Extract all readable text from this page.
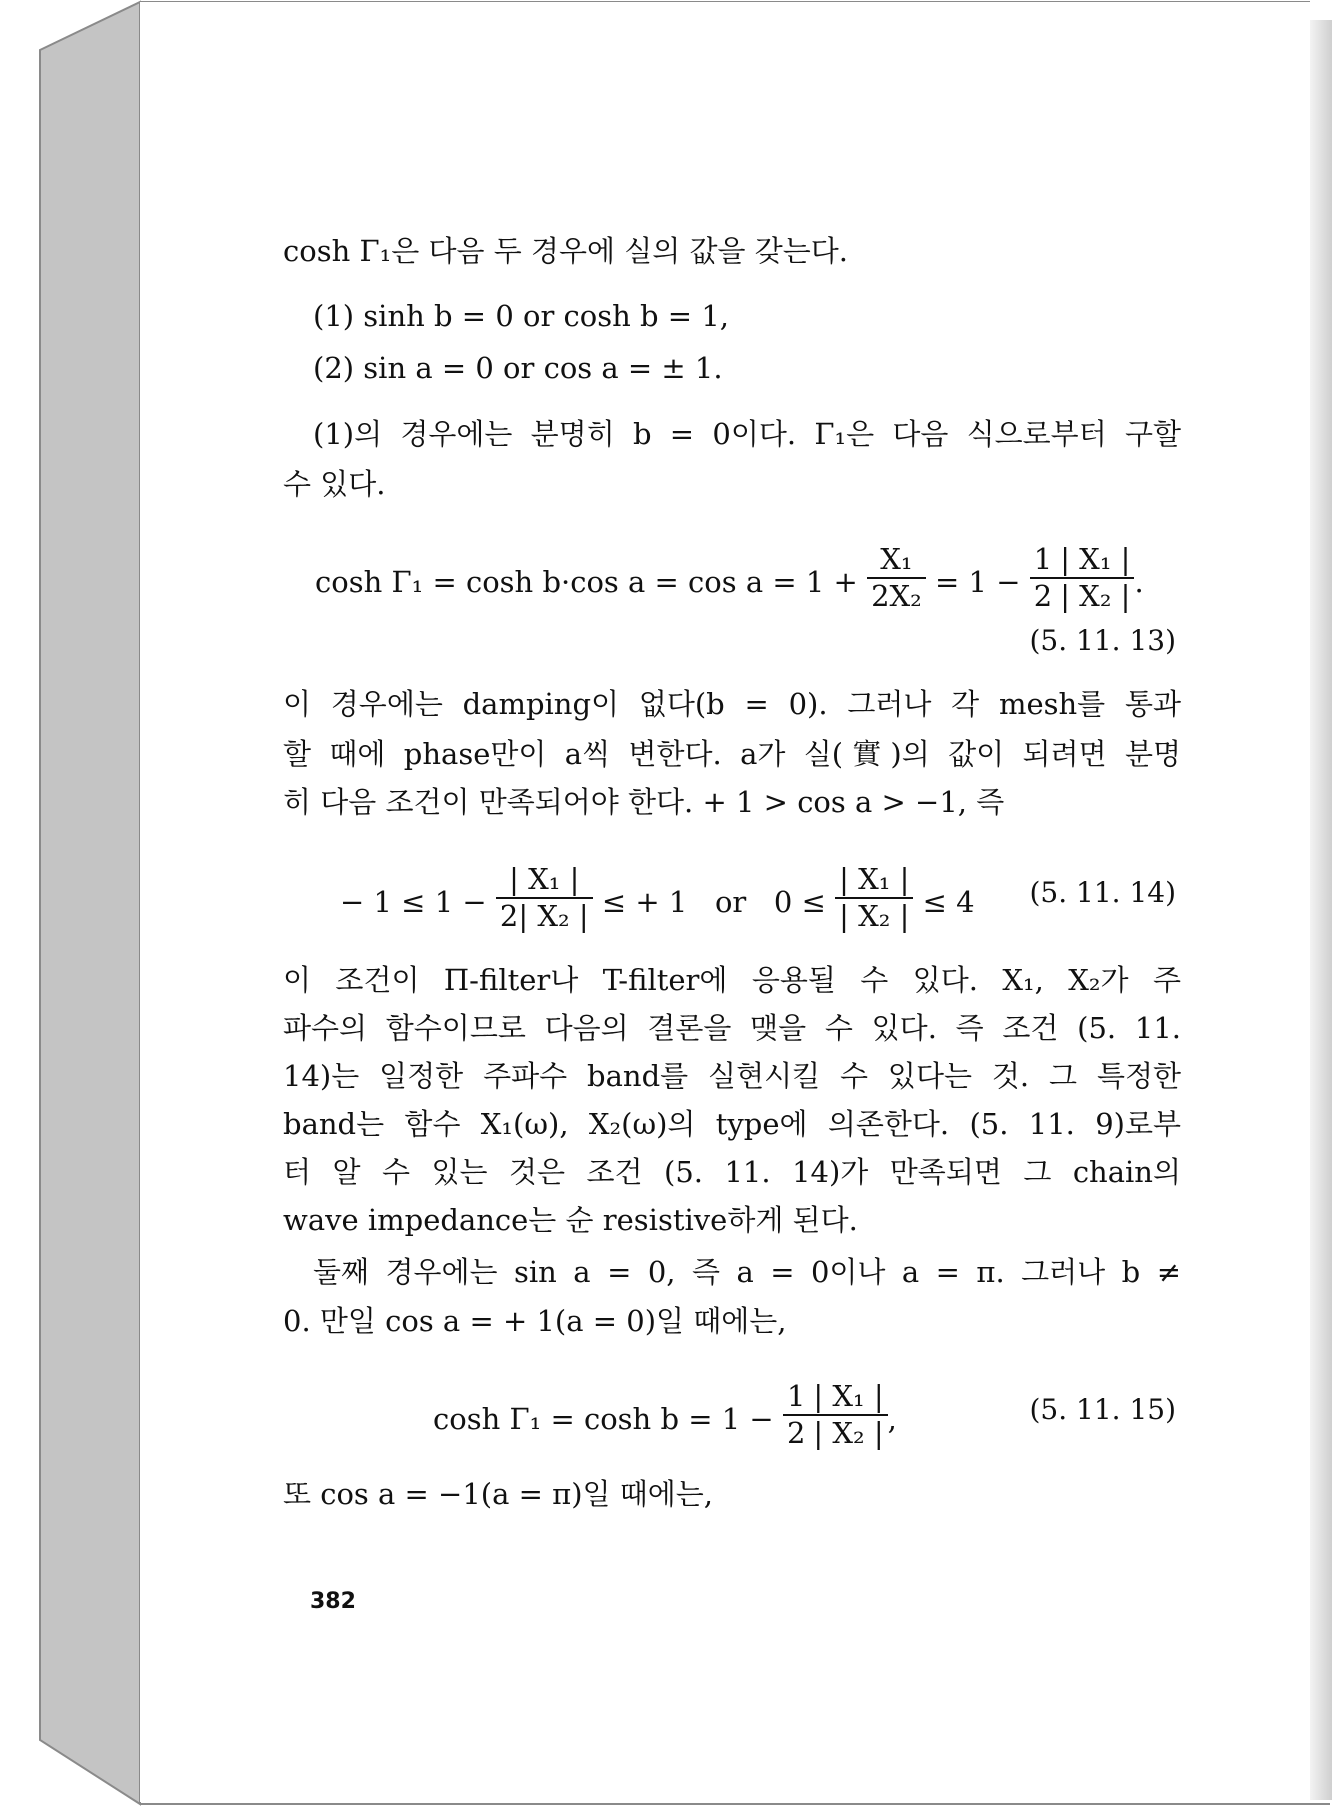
cosh Γ₁은 다음 두 경우에 실의 값을 갖는다.
(1) sinh b = 0 or cosh b = 1,
(2) sin a = 0 or cos a = ± 1.
(1)의 경우에는 분명히 b = 0이다. Γ₁은 다음 식으로부터 구할
수 있다.
cosh Γ₁ = cosh b·cos $a = \cos a = 1 + \frac{\text{X₁}}{\text{2X₂}} = 1 - \frac{1}{2} \frac{\text{| X₁ |}}{\text{| X₂ |}}$ .
(5. 11. 13)
이 경우에는 damping이 없다(b = 0). 그러나 각 mesh를 통과
할 때에 phase만이 a씩 변한다. a가 실(實)의 값이 되려면 분명
히 다음 조건이 만족되어야 한다. + 1 > cos a > −1, 즉
− $1 \le 1 - \frac{\text{| X₁ |}}{\text{2| X₂ |}}$ ≤ + 1   or   $0 \le \frac{\text{| X₁ |}}{\text{| X₂ |}} \le 4$ (5. 11. 14)
이 조건이 Π-filter나 T-filter에 응용될 수 있다. X₁, X₂가 주
파수의 함수이므로 다음의 결론을 맺을 수 있다. 즉 조건 (5. 11.
14)는 일정한 주파수 band를 실현시킬 수 있다는 것. 그 특정한
band는 함수 X₁(ω), X₂(ω)의 type에 의존한다. (5. 11. 9)로부
터 알 수 있는 것은 조건 (5. 11. 14)가 만족되면 그 chain의
wave impedance는 순 resistive하게 된다.
둘째 경우에는 sin a = 0, 즉 a = 0이나 a = π. 그러나 b ≠
0. 만일 cos a = + 1(a = 0)일 때에는,
$\cosh \Gamma_1 = \cosh b = 1 - \frac{1}{2} \frac{\text{| X₁ |}}{\text{| X₂ |}}$ ,	(5. 11. 15)
또 cos a = −1(a = π)일 때에는,
382
